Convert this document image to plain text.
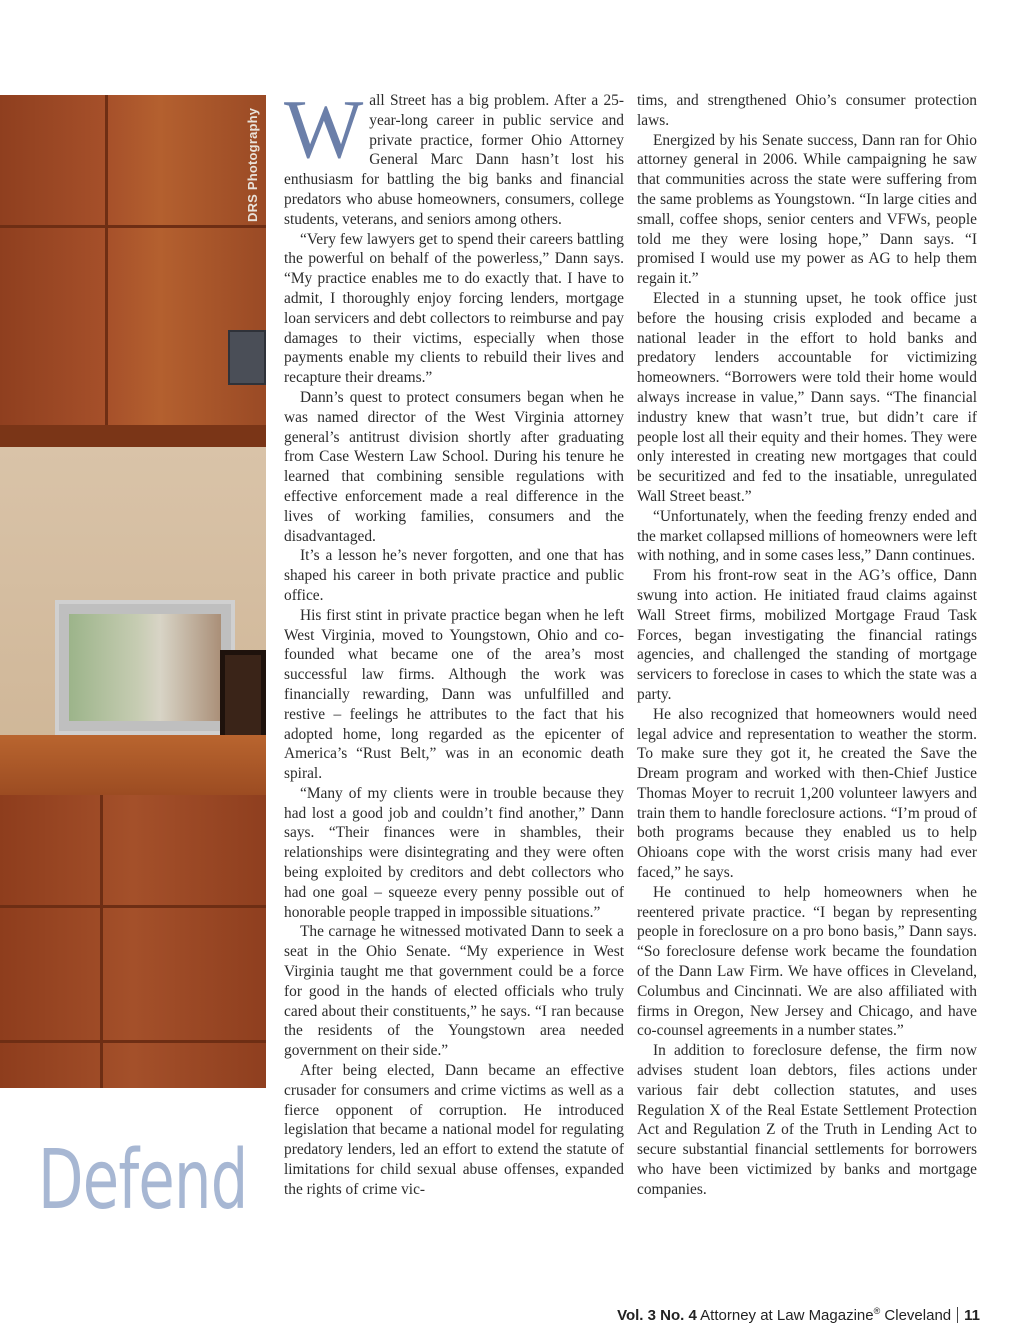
Defend
W all Street has a big problem. After a 25-year-long career in public service and private practice, former Ohio Attorney General Marc Dann hasn’t lost his enthusiasm for battling the big banks and financial predators who abuse homeowners, consumers, college students, veterans, and seniors among others.

“Very few lawyers get to spend their careers battling the powerful on behalf of the powerless,” Dann says. “My practice enables me to do exactly that. I have to admit, I thoroughly enjoy forcing lenders, mortgage loan servicers and debt collectors to reimburse and pay damages to their victims, especially when those payments enable my clients to rebuild their lives and recapture their dreams.”

Dann’s quest to protect consumers began when he was named director of the West Virginia attorney general’s antitrust division shortly after graduating from Case Western Law School. During his tenure he learned that combining sensible regulations with effective enforcement made a real difference in the lives of working families, consumers and the disadvantaged.

It’s a lesson he’s never forgotten, and one that has shaped his career in both private practice and public office.

His first stint in private practice began when he left West Virginia, moved to Youngstown, Ohio and co-founded what became one of the area’s most successful law firms. Although the work was financially rewarding, Dann was unfulfilled and restive – feelings he attributes to the fact that his adopted home, long regarded as the epicenter of America’s “Rust Belt,” was in an economic death spiral.

“Many of my clients were in trouble because they had lost a good job and couldn’t find another,” Dann says. “Their finances were in shambles, their relationships were disintegrating and they were often being exploited by creditors and debt collectors who had one goal – squeeze every penny possible out of honorable people trapped in impossible situations.”

The carnage he witnessed motivated Dann to seek a seat in the Ohio Senate. “My experience in West Virginia taught me that government could be a force for good in the hands of elected officials who truly cared about their constituents,” he says. “I ran because the residents of the Youngstown area needed government on their side.”

After being elected, Dann became an effective crusader for consumers and crime victims as well as a fierce opponent of corruption. He introduced legislation that became a national model for regulating predatory lenders, led an effort to extend the statute of limitations for child sexual abuse offenses, expanded the rights of crime vic-

tims, and strengthened Ohio’s consumer protection laws.

Energized by his Senate success, Dann ran for Ohio attorney general in 2006. While campaigning he saw that communities across the state were suffering from the same problems as Youngstown. “In large cities and small, coffee shops, senior centers and VFWs, people told me they were losing hope,” Dann says. “I promised I would use my power as AG to help them regain it.”

Elected in a stunning upset, he took office just before the housing crisis exploded and became a national leader in the effort to hold banks and predatory lenders accountable for victimizing homeowners. “Borrowers were told their home would always increase in value,” Dann says. “The financial industry knew that wasn’t true, but didn’t care if people lost all their equity and their homes. They were only interested in creating new mortgages that could be securitized and fed to the insatiable, unregulated Wall Street beast.”

“Unfortunately, when the feeding frenzy ended and the market collapsed millions of homeowners were left with nothing, and in some cases less,” Dann continues.

From his front-row seat in the AG’s office, Dann swung into action. He initiated fraud claims against Wall Street firms, mobilized Mortgage Fraud Task Forces, began investigating the financial ratings agencies, and challenged the standing of mortgage servicers to foreclose in cases to which the state was a party.

He also recognized that homeowners would need legal advice and representation to weather the storm. To make sure they got it, he created the Save the Dream program and worked with then-Chief Justice Thomas Moyer to recruit 1,200 volunteer lawyers and train them to handle foreclosure actions. “I’m proud of both programs because they enabled us to help Ohioans cope with the worst crisis many had ever faced,” he says.

He continued to help homeowners when he reentered private practice. “I began by representing people in foreclosure on a pro bono basis,” Dann says. “So foreclosure defense work became the foundation of the Dann Law Firm. We have offices in Cleveland, Columbus and Cincinnati. We are also affiliated with firms in Oregon, New Jersey and Chicago, and have co-counsel agreements in a number states.”

In addition to foreclosure defense, the firm now advises student loan debtors, files actions under various fair debt collection statutes, and uses Regulation X of the Real Estate Settlement Protection Act and Regulation Z of the Truth in Lending Act to secure substantial financial settlements for borrowers who have been victimized by banks and mortgage companies.

Vol. 3 No. 4 Attorney at Law Magazine® Cleveland 11
